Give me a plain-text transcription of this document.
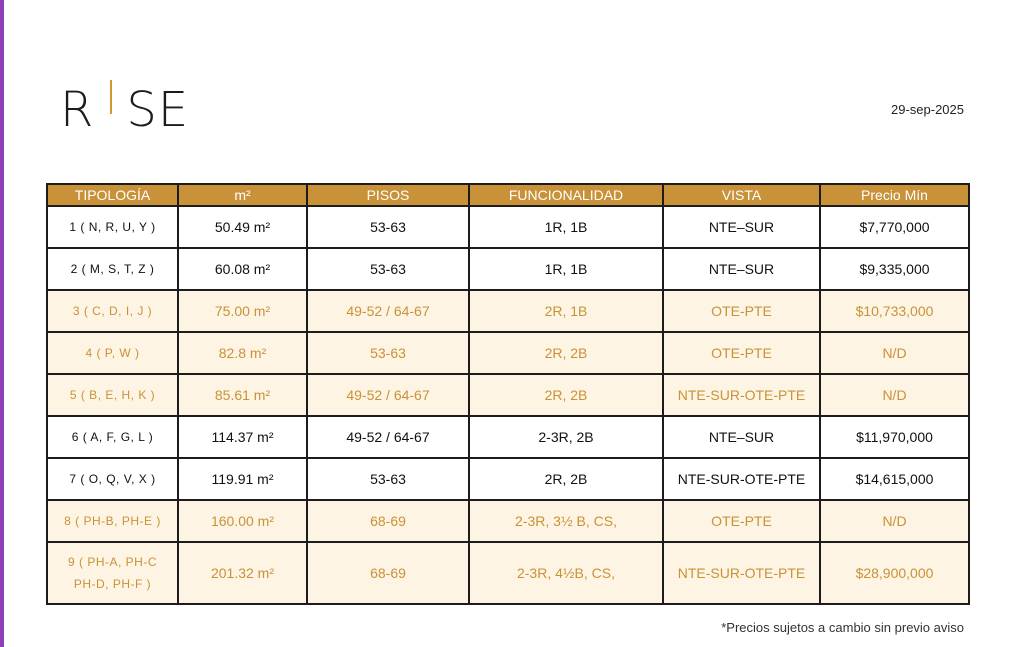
R SE	29-sep-2025
TIPOLOGÍA	m²	PISOS	FUNCIONALIDAD	VISTA	Precio Mín
1 ( N, R, U, Y )	50.49 m²	53-63	1R, 1B	NTE–SUR	$7,770,000
2 ( M, S, T, Z )	60.08 m²	53-63	1R, 1B	NTE–SUR	$9,335,000
3 ( C, D, I, J )	75.00 m²	49-52 / 64-67	2R, 1B	OTE-PTE	$10,733,000
4 ( P, W )	82.8 m²	53-63	2R, 2B	OTE-PTE	N/D
5 ( B, E, H, K )	85.61 m²	49-52 / 64-67	2R, 2B	NTE-SUR-OTE-PTE	N/D
6 ( A, F, G, L )	114.37 m²	49-52 / 64-67	2-3R, 2B	NTE–SUR	$11,970,000
7 ( O, Q, V, X )	119.91 m²	53-63	2R, 2B	NTE-SUR-OTE-PTE	$14,615,000
8 ( PH-B, PH-E )	160.00 m²	68-69	2-3R, 3½ B, CS,	OTE-PTE	N/D

9 ( PH-A, PH-C
PH-D, PH-F )	201.32 m²	68-69	2-3R, 4½B, CS,	NTE-SUR-OTE-PTE	$28,900,000
*Precios sujetos a cambio sin previo aviso
